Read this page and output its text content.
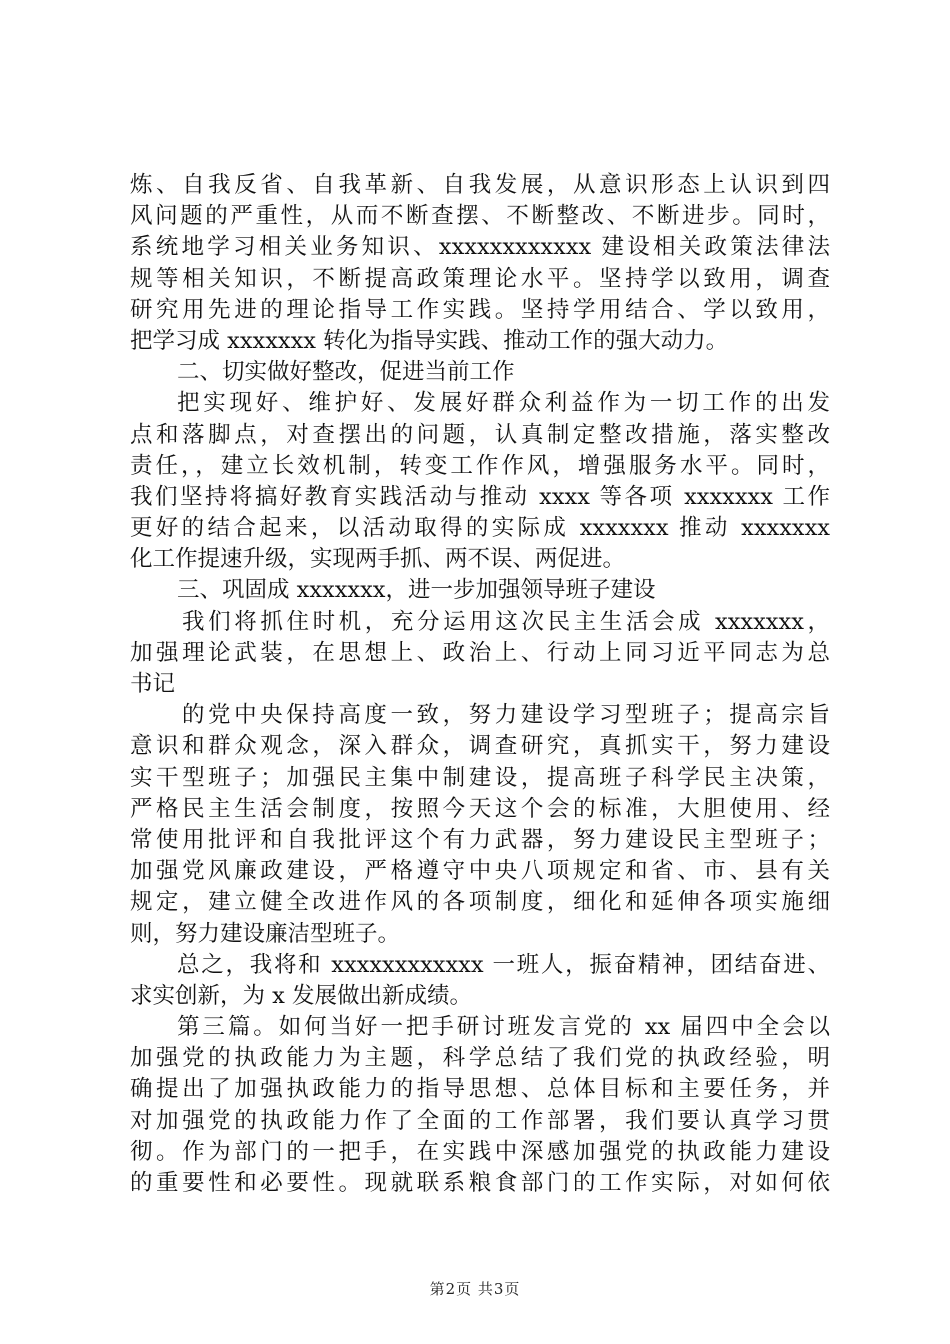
炼、自我反省、自我革新、自我发展，从意识形态上认识到四
风问题的严重性，从而不断查摆、不断整改、不断进步。同时，
系统地学习相关业务知识、xxxxxxxxxxxx 建设相关政策法律法
规等相关知识，不断提高政策理论水平。坚持学以致用，调查
研究用先进的理论指导工作实践。坚持学用结合、学以致用，
把学习成 xxxxxxx 转化为指导实践、推动工作的强大动力。
二、切实做好整改，促进当前工作
把实现好、维护好、发展好群众利益作为一切工作的出发
点和落脚点，对查摆出的问题，认真制定整改措施，落实整改
责任，，建立长效机制，转变工作作风，增强服务水平。同时，
我们坚持将搞好教育实践活动与推动 xxxx 等各项 xxxxxxx 工作
更好的结合起来，以活动取得的实际成 xxxxxxx 推动 xxxxxxx
化工作提速升级，实现两手抓、两不误、两促进。
三、巩固成 xxxxxxx，进一步加强领导班子建设
我们将抓住时机，充分运用这次民主生活会成 xxxxxxx，
加强理论武装，在思想上、政治上、行动上同习近平同志为总
书记
的党中央保持高度一致，努力建设学习型班子；提高宗旨
意识和群众观念，深入群众，调查研究，真抓实干，努力建设
实干型班子；加强民主集中制建设，提高班子科学民主决策，
严格民主生活会制度，按照今天这个会的标准，大胆使用、经
常使用批评和自我批评这个有力武器，努力建设民主型班子；
加强党风廉政建设，严格遵守中央八项规定和省、市、县有关
规定，建立健全改进作风的各项制度，细化和延伸各项实施细
则，努力建设廉洁型班子。
总之，我将和 xxxxxxxxxxxx 一班人，振奋精神，团结奋进、
求实创新，为 x 发展做出新成绩。
第三篇。如何当好一把手研讨班发言党的 xx 届四中全会以
加强党的执政能力为主题，科学总结了我们党的执政经验，明
确提出了加强执政能力的指导思想、总体目标和主要任务，并
对加强党的执政能力作了全面的工作部署，我们要认真学习贯
彻。作为部门的一把手，在实践中深感加强党的执政能力建设
的重要性和必要性。现就联系粮食部门的工作实际，对如何依
第2页 共3页
